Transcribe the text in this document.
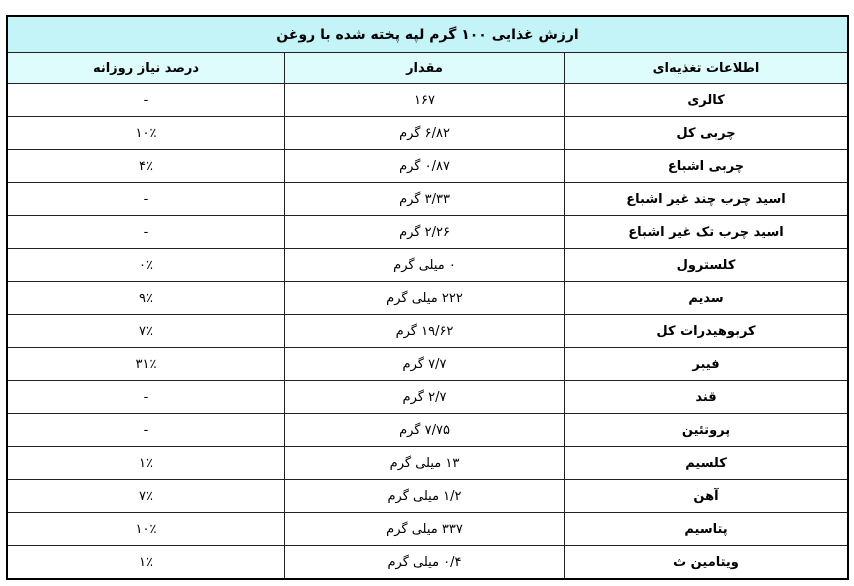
ارزش غذایی ۱۰۰ گرم لپه پخته شده با روغن		
اطلاعات تغذیه‌ای	مقدار	درصد نیاز روزانه
کالری	۱۶۷	-
چربی کل	۶/۸۲ گرم	۱۰٪
چربی اشباع	۰/۸۷ گرم	۴٪
اسید چرب چند غیر اشباع	۳/۳۳ گرم	-
اسید چرب تک غیر اشباع	۲/۲۶ گرم	-
کلسترول	۰ میلی گرم	۰٪
سدیم	۲۲۲ میلی گرم	۹٪
کربوهیدرات کل	۱۹/۶۲ گرم	۷٪
فیبر	۷/۷ گرم	۳۱٪
قند	۲/۷ گرم	-
پروتئین	۷/۷۵ گرم	-
کلسیم	۱۳ میلی گرم	۱٪
آهن	۱/۲ میلی گرم	۷٪
پتاسیم	۳۳۷ میلی گرم	۱۰٪
ویتامین ث	۰/۴ میلی گرم	۱٪
